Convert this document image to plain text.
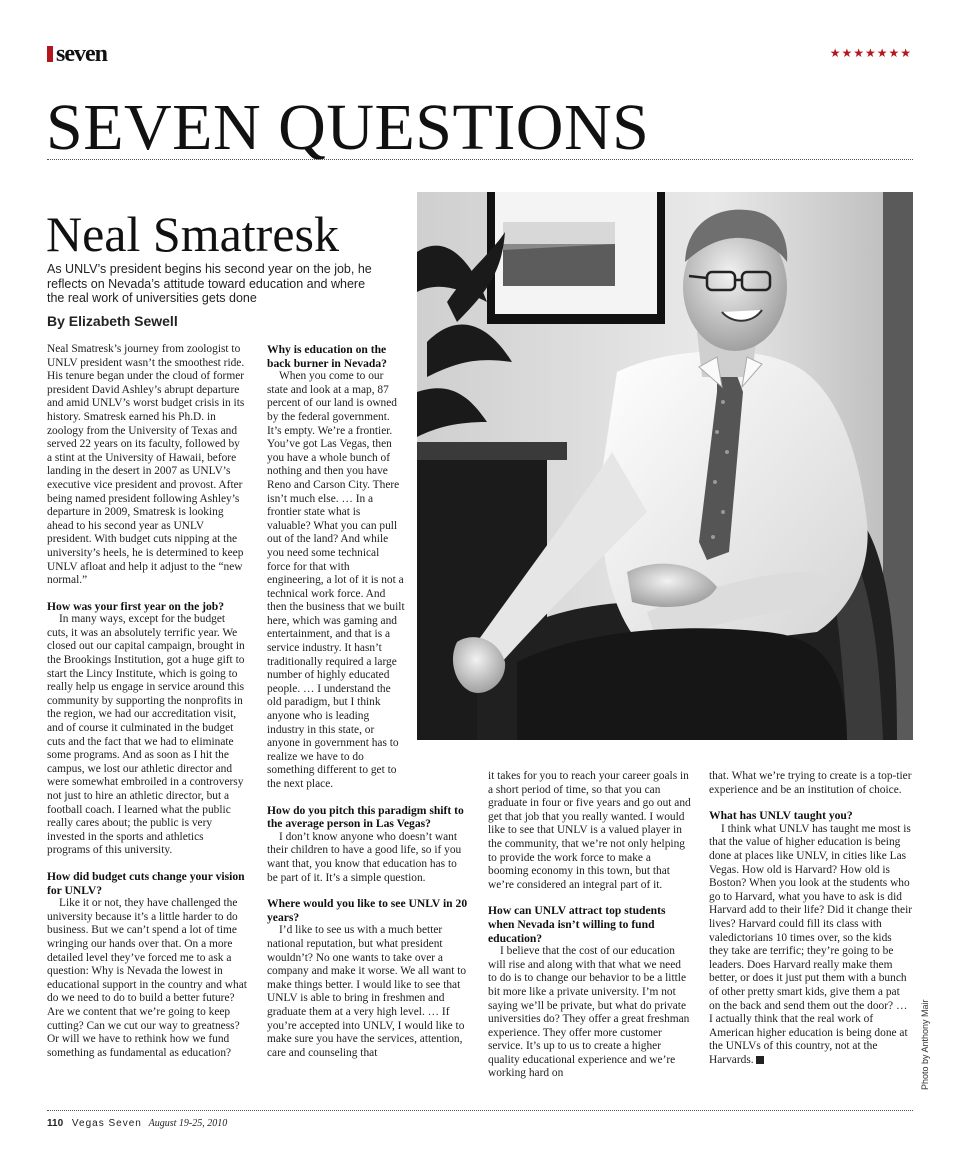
seven	★★★★★★★
SEVEN QUESTIONS
Neal Smatresk
As UNLV’s president begins his second year on the job, he reflects on Nevada’s attitude toward education and where the real work of universities gets done
By Elizabeth Sewell

Neal Smatresk’s journey from zoologist to UNLV president wasn’t the smoothest ride. His tenure began under the cloud of former president David Ashley’s abrupt departure and amid UNLV’s worst budget crisis in its history. Smatresk earned his Ph.D. in zoology from the University of Texas and served 22 years on its faculty, followed by a stint at the University of Hawaii, before landing in the desert in 2007 as UNLV’s executive vice president and provost. After being named president following Ashley’s departure in 2009, Smatresk is looking ahead to his second year as UNLV president. With budget cuts nipping at the university’s heels, he is determined to keep UNLV afloat and help it adjust to the “new normal.”

How was your first year on the job?

In many ways, except for the budget cuts, it was an absolutely terrific year. We closed out our capital campaign, brought in the Brookings Institution, got a huge gift to start the Lincy Institute, which is going to really help us engage in service around this community by supporting the nonprofits in the region, we had our accreditation visit, and of course it culminated in the budget cuts and the fact that we had to eliminate some programs. And as soon as I hit the campus, we lost our athletic director and were somewhat embroiled in a controversy not just to hire an athletic director, but a football coach. I learned what the public really cares about; the public is very invested in the sports and athletics programs of this university.

How did budget cuts change your vision for UNLV?

Like it or not, they have challenged the university because it’s a little harder to do business. But we can’t spend a lot of time wringing our hands over that. On a more detailed level they’ve forced me to ask a question: Why is Nevada the lowest in educational support in the country and what do we need to do to build a better future? Are we content that we’re going to keep cutting? Can we cut our way to greatness? Or will we have to rethink how we fund something as fundamental as education?

Why is education on the back burner in Nevada?

When you come to our state and look at a map, 87 percent of our land is owned by the federal government. It’s empty. We’re a frontier. You’ve got Las Vegas, then you have a whole bunch of nothing and then you have Reno and Carson City. There isn’t much else. … In a frontier state what is valuable? What you can pull out of the land? And while you need some technical force for that with engineering, a lot of it is not a technical work force. And then the business that we built here, which was gaming and entertainment, and that is a service industry. It hasn’t traditionally required a large number of highly educated people. … I understand the old paradigm, but I think anyone who is leading industry in this state, or anyone in government has to realize we have to do something different to get to the next place.

How do you pitch this paradigm shift to the average person in Las Vegas?

I don’t know anyone who doesn’t want their children to have a good life, so if you want that, you know that education has to be part of it. It’s a simple question.

Where would you like to see UNLV in 20 years?

I’d like to see us with a much better national reputation, but what president wouldn’t? No one wants to take over a company and make it worse. We all want to make things better. I would like to see that UNLV is able to bring in freshmen and graduate them at a very high level. … If you’re accepted into UNLV, I would like to make sure you have the services, attention, care and counseling that

it takes for you to reach your career goals in a short period of time, so that you can graduate in four or five years and go out and get that job that you really wanted. I would like to see that UNLV is a valued player in the community, that we’re not only helping to provide the work force to make a booming economy in this town, but that we’re considered an integral part of it.

How can UNLV attract top students when Nevada isn’t willing to fund education?

I believe that the cost of our education will rise and along with that what we need to do is to change our behavior to be a little bit more like a private university. I’m not saying we’ll be private, but what do private universities do? They offer a great freshman experience. They offer more customer service. It’s up to us to create a higher quality educational experience and we’re working hard on

that. What we’re trying to create is a top-tier experience and be an institution of choice.

What has UNLV taught you?

I think what UNLV has taught me most is that the value of higher education is being done at places like UNLV, in cities like Las Vegas. How old is Harvard? How old is Boston? When you look at the students who go to Harvard, what you have to ask is did Harvard add to their life? Did it change their lives? Harvard could fill its class with valedictorians 10 times over, so the kids they take are terrific; they’re going to be leaders. Does Harvard really make them better, or does it just put them with a bunch of other pretty smart kids, give them a pat on the back and send them out the door? … I actually think that the real work of American higher education is being done at the UNLVs of this country, not at the Harvards. 7	Photo by Anthony Mair
110 Vegas Seven August 19-25, 2010
